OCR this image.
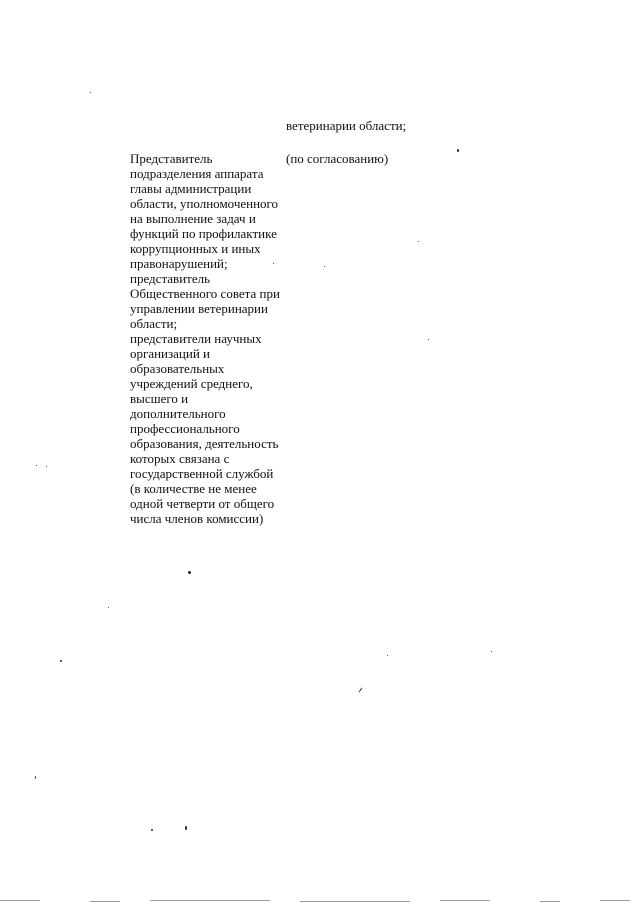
ветеринарии области;
Представитель
подразделения аппарата
главы администрации
области, уполномоченного
на выполнение задач и
функций по профилактике
коррупционных и иных
правонарушений;
представитель
Общественного совета при
управлении ветеринарии
области;
представители научных
организаций и
образовательных
учреждений среднего,
высшего и
дополнительного
профессионального
образования, деятельность
которых связана с
государственной службой
(в количестве не менее
одной четверти от общего
числа членов комиссии)
(по согласованию)
